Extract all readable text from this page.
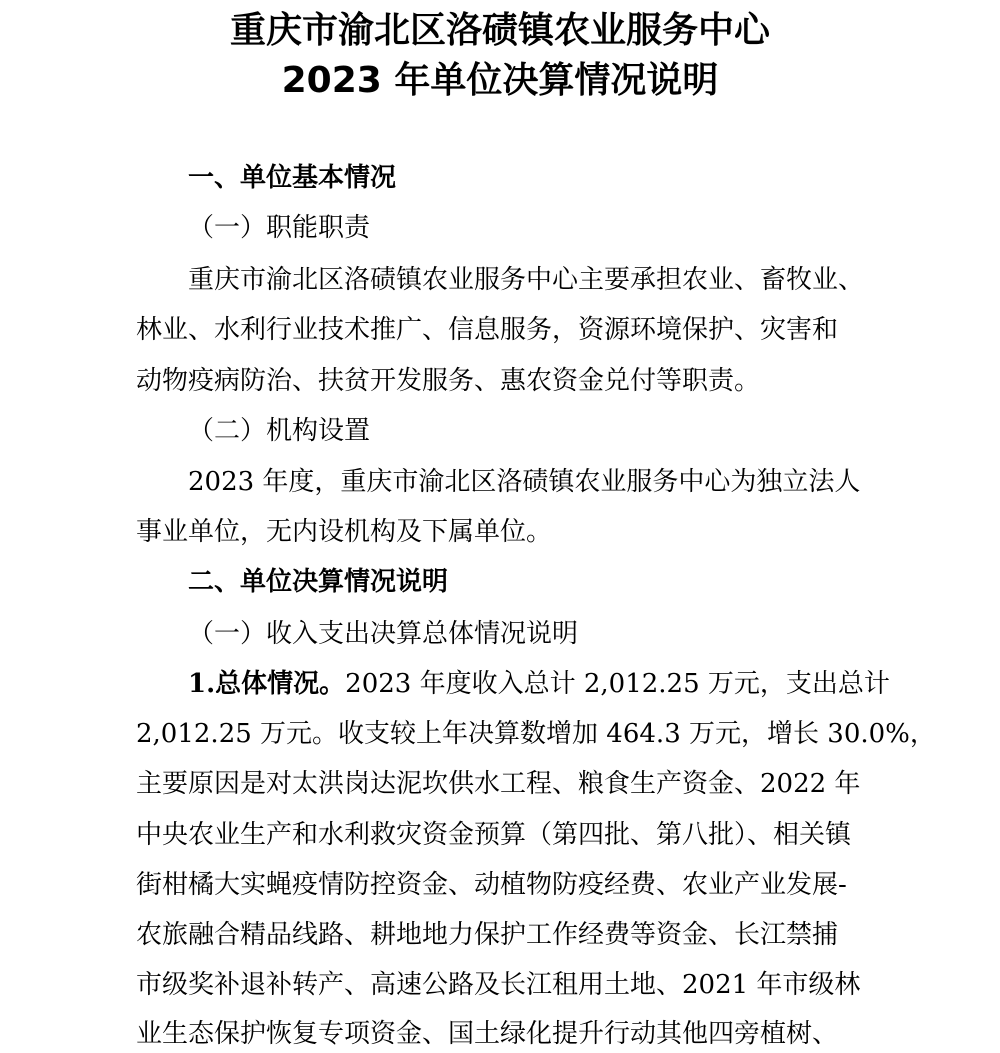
重庆市渝北区洛碛镇农业服务中心
2023 年单位决算情况说明
一、单位基本情况
（一）职能职责
重庆市渝北区洛碛镇农业服务中心主要承担农业、畜牧业、
林业、水利行业技术推广、信息服务，资源环境保护、灾害和
动物疫病防治、扶贫开发服务、惠农资金兑付等职责。
（二）机构设置
2023 年度，重庆市渝北区洛碛镇农业服务中心为独立法人
事业单位，无内设机构及下属单位。
二、单位决算情况说明
（一）收入支出决算总体情况说明
1.总体情况。2023 年度收入总计 2,012.25 万元，支出总计
2,012.25 万元。收支较上年决算数增加 464.3 万元，增长 30.0%，
主要原因是对太洪岗达泥坎供水工程、粮食生产资金、2022 年
中央农业生产和水利救灾资金预算（第四批、第八批）、相关镇
街柑橘大实蝇疫情防控资金、动植物防疫经费、农业产业发展-
农旅融合精品线路、耕地地力保护工作经费等资金、长江禁捕
市级奖补退补转产、高速公路及长江租用土地、2021 年市级林
业生态保护恢复专项资金、国土绿化提升行动其他四旁植树、
